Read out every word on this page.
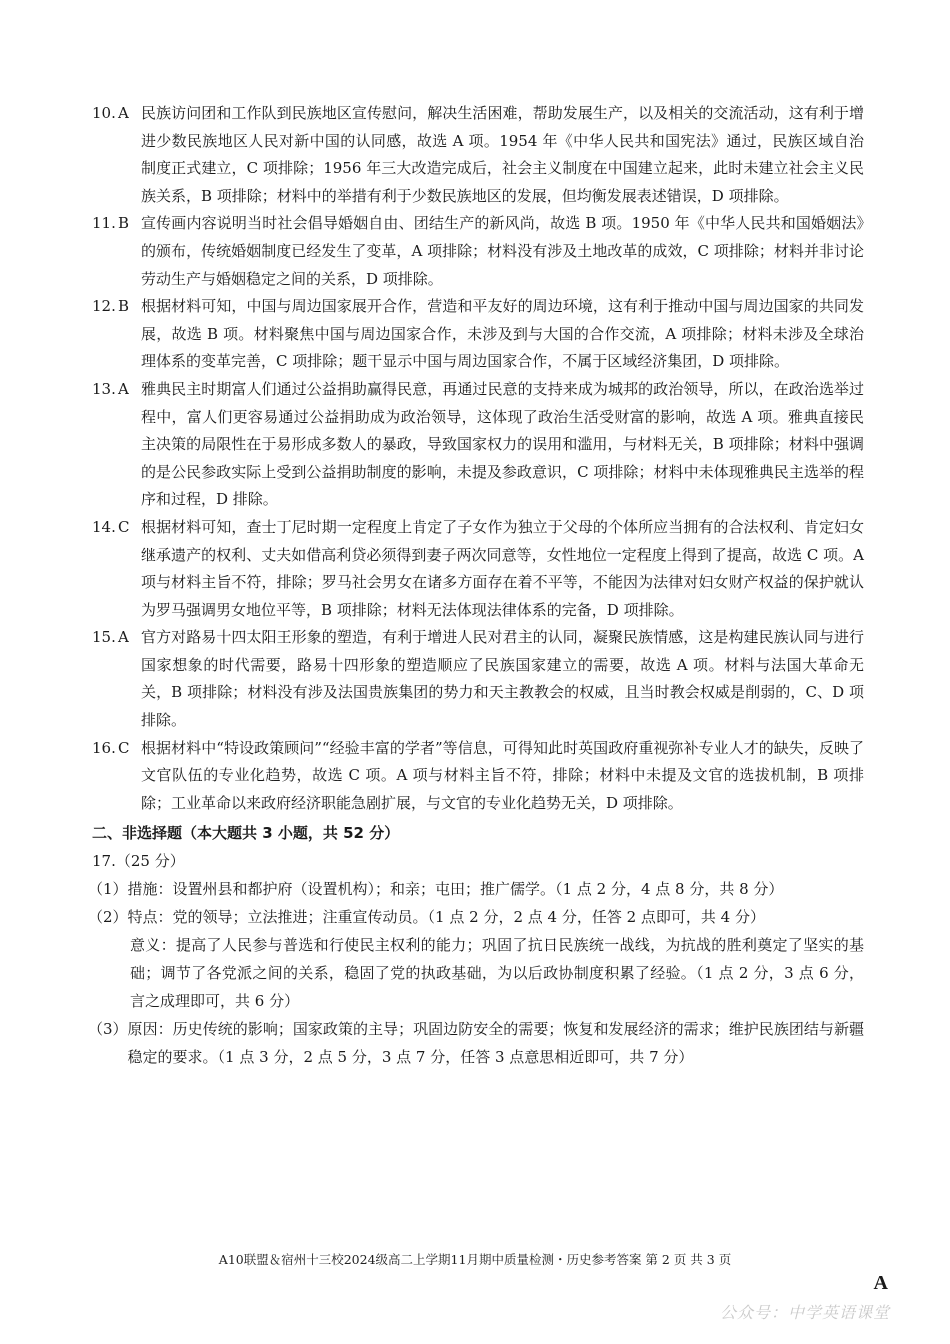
10. A 民族访问团和工作队到民族地区宣传慰问，解决生活困难，帮助发展生产，以及相关的交流活动，这有利于增进少数民族地区人民对新中国的认同感，故选 A 项。1954 年《中华人民共和国宪法》通过，民族区域自治制度正式建立，C 项排除；1956 年三大改造完成后，社会主义制度在中国建立起来，此时未建立社会主义民族关系，B 项排除；材料中的举措有利于少数民族地区的发展，但均衡发展表述错误，D 项排除。
11. B 宣传画内容说明当时社会倡导婚姻自由、团结生产的新风尚，故选 B 项。1950 年《中华人民共和国婚姻法》的颁布，传统婚姻制度已经发生了变革，A 项排除；材料没有涉及土地改革的成效，C 项排除；材料并非讨论劳动生产与婚姻稳定之间的关系，D 项排除。
12. B 根据材料可知，中国与周边国家展开合作，营造和平友好的周边环境，这有利于推动中国与周边国家的共同发展，故选 B 项。材料聚焦中国与周边国家合作，未涉及到与大国的合作交流，A 项排除；材料未涉及全球治理体系的变革完善，C 项排除；题干显示中国与周边国家合作，不属于区域经济集团，D 项排除。
13. A 雅典民主时期富人们通过公益捐助赢得民意，再通过民意的支持来成为城邦的政治领导，所以，在政治选举过程中，富人们更容易通过公益捐助成为政治领导，这体现了政治生活受财富的影响，故选 A 项。雅典直接民主决策的局限性在于易形成多数人的暴政，导致国家权力的误用和滥用，与材料无关，B 项排除；材料中强调的是公民参政实际上受到公益捐助制度的影响，未提及参政意识，C 项排除；材料中未体现雅典民主选举的程序和过程，D 排除。
14. C 根据材料可知，查士丁尼时期一定程度上肯定了子女作为独立于父母的个体所应当拥有的合法权利、肯定妇女继承遗产的权利、丈夫如借高利贷必须得到妻子两次同意等，女性地位一定程度上得到了提高，故选 C 项。A 项与材料主旨不符，排除；罗马社会男女在诸多方面存在着不平等，不能因为法律对妇女财产权益的保护就认为罗马强调男女地位平等，B 项排除；材料无法体现法律体系的完备，D 项排除。
15. A 官方对路易十四太阳王形象的塑造，有利于增进人民对君主的认同，凝聚民族情感，这是构建民族认同与进行国家想象的时代需要，路易十四形象的塑造顺应了民族国家建立的需要，故选 A 项。材料与法国大革命无关，B 项排除；材料没有涉及法国贵族集团的势力和天主教教会的权威，且当时教会权威是削弱的，C、D 项排除。
16. C 根据材料中“特设政策顾问”“经验丰富的学者”等信息，可得知此时英国政府重视弥补专业人才的缺失，反映了文官队伍的专业化趋势，故选 C 项。A 项与材料主旨不符，排除；材料中未提及文官的选拔机制，B 项排除；工业革命以来政府经济职能急剧扩展，与文官的专业化趋势无关，D 项排除。
二、非选择题（本大题共 3 小题，共 52 分）
17.（25 分）
（1） 措施：设置州县和都护府（设置机构）；和亲；屯田；推广儒学。（1 点 2 分，4 点 8 分，共 8 分）
（2） 特点：党的领导；立法推进；注重宣传动员。（1 点 2 分，2 点 4 分，任答 2 点即可，共 4 分）
意义：提高了人民参与普选和行使民主权利的能力；巩固了抗日民族统一战线，为抗战的胜利奠定了坚实的基础；调节了各党派之间的关系，稳固了党的执政基础，为以后政协制度积累了经验。（1 点 2 分，3 点 6 分，言之成理即可，共 6 分）
（3） 原因：历史传统的影响；国家政策的主导；巩固边防安全的需要；恢复和发展经济的需求；维护民族团结与新疆稳定的要求。（1 点 3 分，2 点 5 分，3 点 7 分，任答 3 点意思相近即可，共 7 分）
A10联盟＆宿州十三校2024级高二上学期11月期中质量检测・历史参考答案 第 2 页 共 3 页
A
公众号：中学英语课堂
